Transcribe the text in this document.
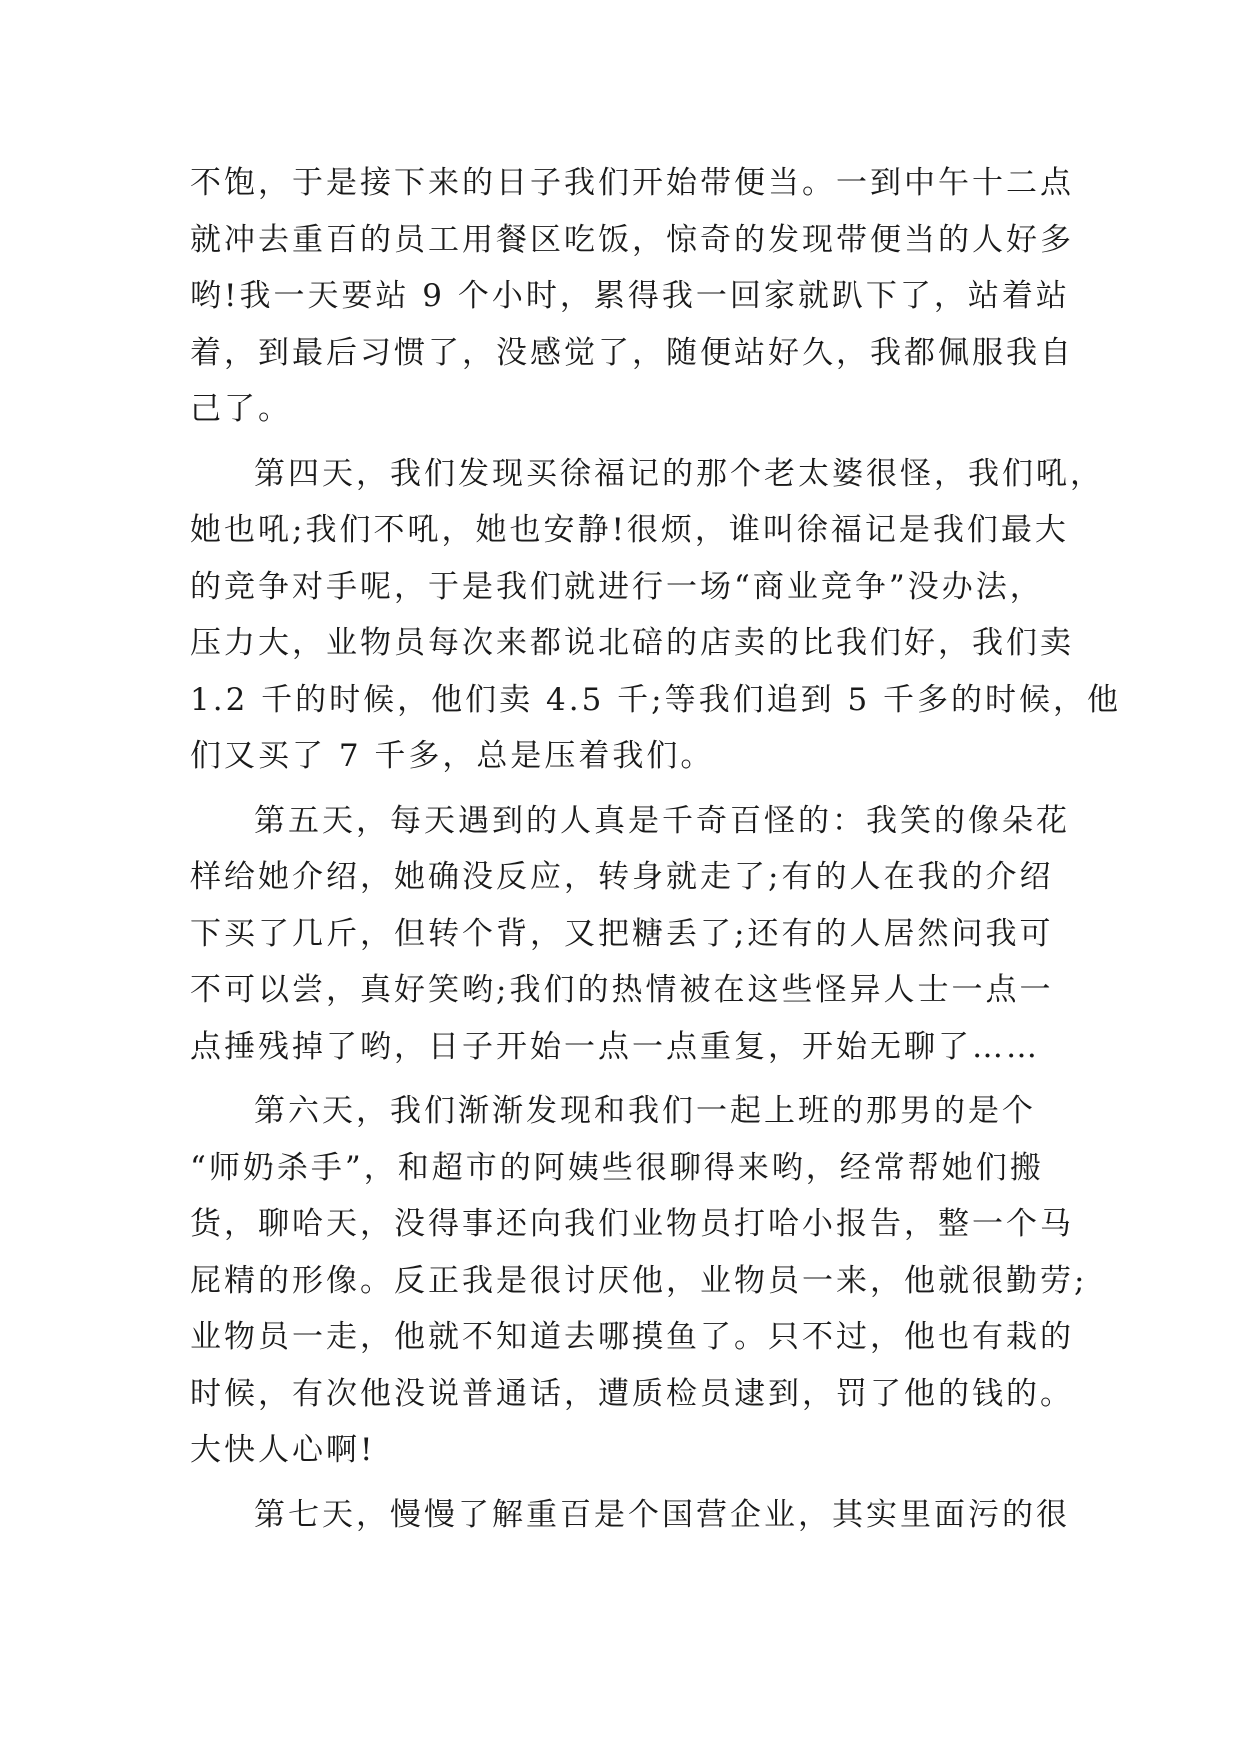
不饱，于是接下来的日子我们开始带便当。一到中午十二点
就冲去重百的员工用餐区吃饭，惊奇的发现带便当的人好多
哟!我一天要站 9 个小时，累得我一回家就趴下了，站着站
着，到最后习惯了，没感觉了，随便站好久，我都佩服我自
己了。
第四天，我们发现买徐福记的那个老太婆很怪，我们吼，
她也吼;我们不吼，她也安静!很烦，谁叫徐福记是我们最大
的竞争对手呢，于是我们就进行一场“商业竞争”没办法，
压力大，业物员每次来都说北碚的店卖的比我们好，我们卖
1.2 千的时候，他们卖 4.5 千;等我们追到 5 千多的时候，他
们又买了 7 千多，总是压着我们。
第五天，每天遇到的人真是千奇百怪的：我笑的像朵花
样给她介绍，她确没反应，转身就走了;有的人在我的介绍
下买了几斤，但转个背，又把糖丢了;还有的人居然问我可
不可以尝，真好笑哟;我们的热情被在这些怪异人士一点一
点捶残掉了哟，日子开始一点一点重复，开始无聊了……
第六天，我们渐渐发现和我们一起上班的那男的是个
“师奶杀手”，和超市的阿姨些很聊得来哟，经常帮她们搬
货，聊哈天，没得事还向我们业物员打哈小报告，整一个马
屁精的形像。反正我是很讨厌他，业物员一来，他就很勤劳;
业物员一走，他就不知道去哪摸鱼了。只不过，他也有栽的
时候，有次他没说普通话，遭质检员逮到，罚了他的钱的。
大快人心啊!
第七天，慢慢了解重百是个国营企业，其实里面污的很
